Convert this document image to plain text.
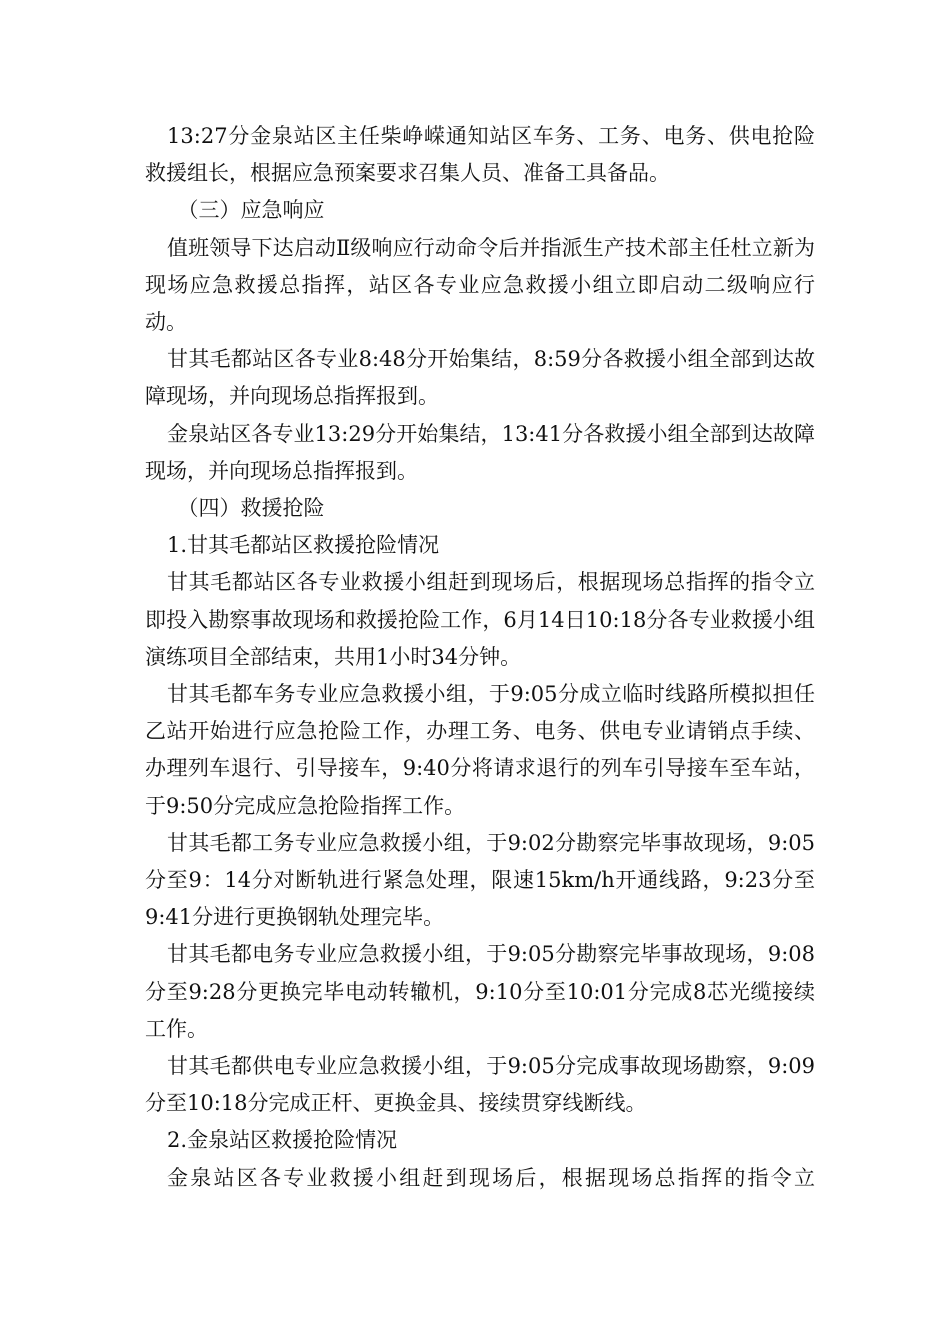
13:27分金泉站区主任柴峥嵘通知站区车务、工务、电务、供电抢险救援组长，根据应急预案要求召集人员、准备工具备品。

（三）应急响应

值班领导下达启动Ⅱ级响应行动命令后并指派生产技术部主任杜立新为现场应急救援总指挥，站区各专业应急救援小组立即启动二级响应行动。

甘其毛都站区各专业8:48分开始集结，8:59分各救援小组全部到达故障现场，并向现场总指挥报到。

金泉站区各专业13:29分开始集结，13:41分各救援小组全部到达故障现场，并向现场总指挥报到。

（四）救援抢险

1.甘其毛都站区救援抢险情况

甘其毛都站区各专业救援小组赶到现场后，根据现场总指挥的指令立即投入勘察事故现场和救援抢险工作，6月14日10:18分各专业救援小组演练项目全部结束，共用1小时34分钟。

甘其毛都车务专业应急救援小组，于9:05分成立临时线路所模拟担任乙站开始进行应急抢险工作，办理工务、电务、供电专业请销点手续、办理列车退行、引导接车，9:40分将请求退行的列车引导接车至车站，于9:50分完成应急抢险指挥工作。

甘其毛都工务专业应急救援小组，于9:02分勘察完毕事故现场，9:05分至9：14分对断轨进行紧急处理，限速15km/h开通线路，9:23分至9:41分进行更换钢轨处理完毕。

甘其毛都电务专业应急救援小组，于9:05分勘察完毕事故现场，9:08分至9:28分更换完毕电动转辙机，9:10分至10:01分完成8芯光缆接续工作。

甘其毛都供电专业应急救援小组，于9:05分完成事故现场勘察，9:09分至10:18分完成正杆、更换金具、接续贯穿线断线。

2.金泉站区救援抢险情况

金泉站区各专业救援小组赶到现场后，根据现场总指挥的指令立
